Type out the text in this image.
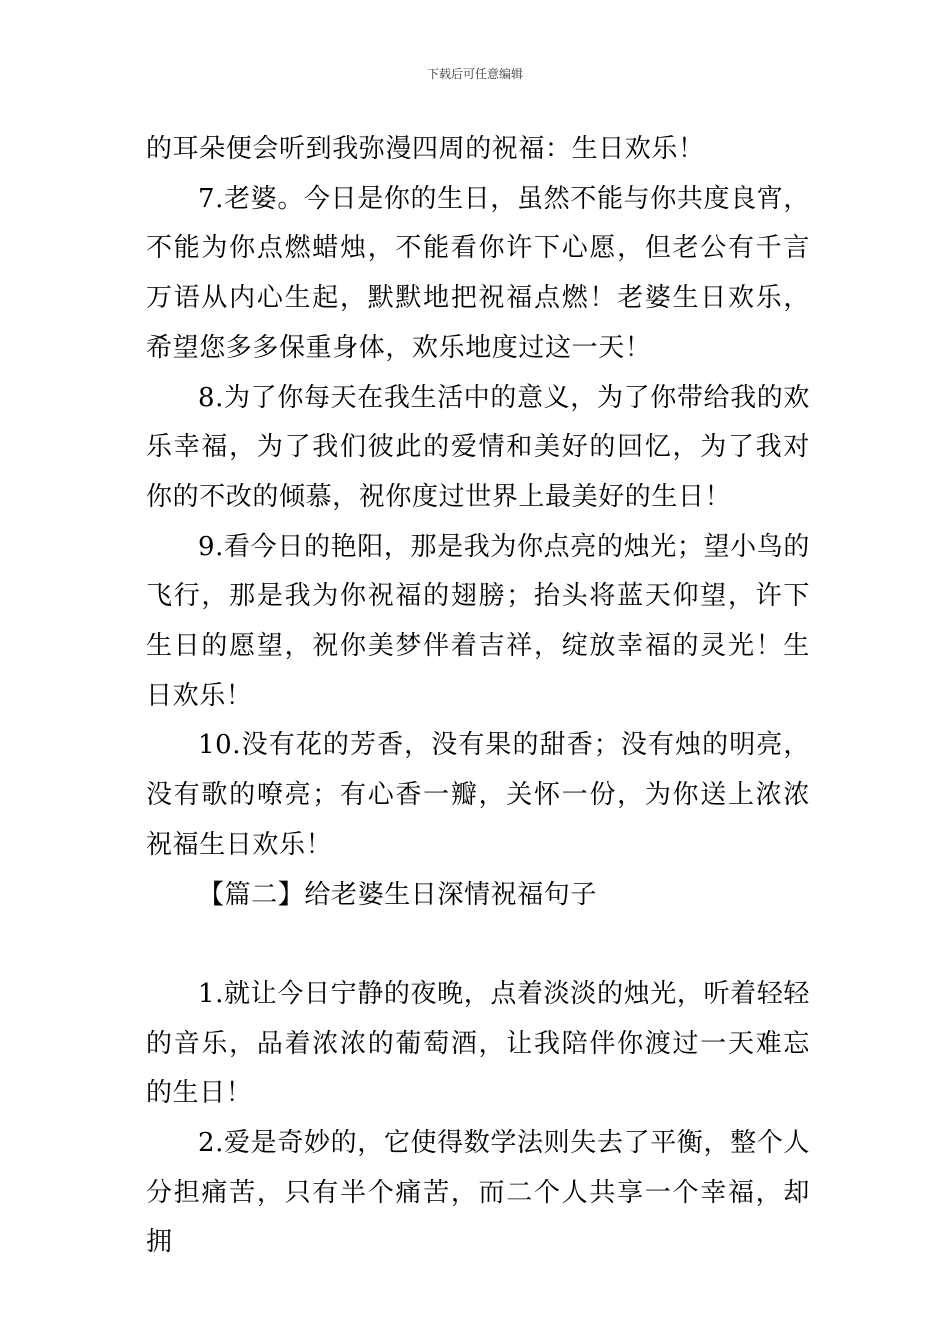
下载后可任意编辑

的耳朵便会听到我弥漫四周的祝福：生日欢乐！

7.老婆。今日是你的生日，虽然不能与你共度良宵，不能为你点燃蜡烛，不能看你许下心愿，但老公有千言万语从内心生起，默默地把祝福点燃！老婆生日欢乐，希望您多多保重身体，欢乐地度过这一天！

8.为了你每天在我生活中的意义，为了你带给我的欢乐幸福，为了我们彼此的爱情和美好的回忆，为了我对你的不改的倾慕，祝你度过世界上最美好的生日！

9.看今日的艳阳，那是我为你点亮的烛光；望小鸟的飞行，那是我为你祝福的翅膀；抬头将蓝天仰望，许下生日的愿望，祝你美梦伴着吉祥，绽放幸福的灵光！生日欢乐！

10.没有花的芳香，没有果的甜香；没有烛的明亮，没有歌的嘹亮；有心香一瓣，关怀一份，为你送上浓浓祝福生日欢乐！

【篇二】给老婆生日深情祝福句子

1.就让今日宁静的夜晚，点着淡淡的烛光，听着轻轻的音乐，品着浓浓的葡萄酒，让我陪伴你渡过一天难忘的生日！

2.爱是奇妙的，它使得数学法则失去了平衡，整个人分担痛苦，只有半个痛苦，而二个人共享一个幸福，却拥
